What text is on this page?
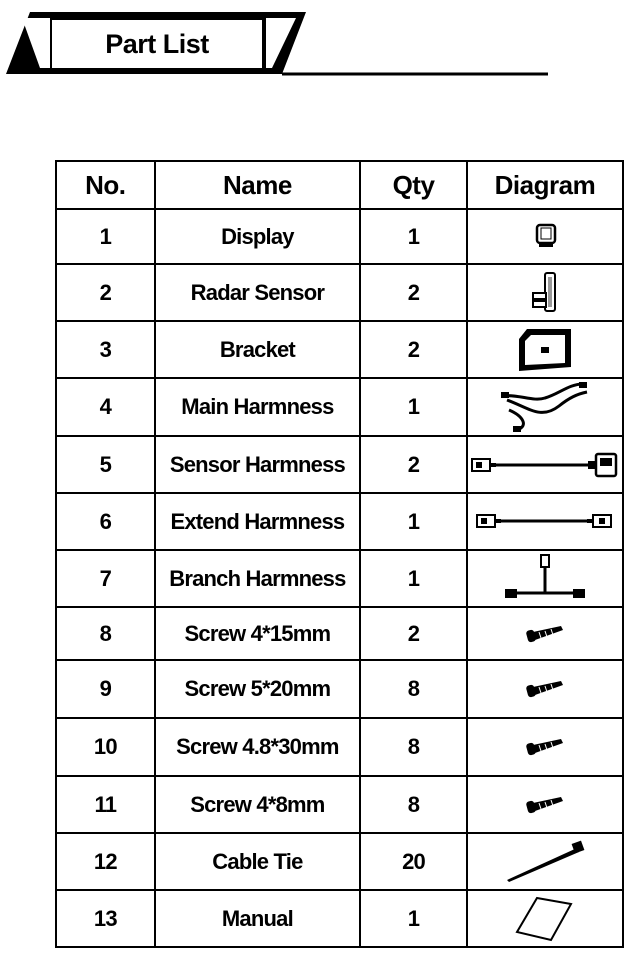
Part List
No.	Name	Qty	Diagram
1	Display	1	

2	Radar Sensor	2	

3	Bracket	2	

4	Main Harmness	1	

5	Sensor Harmness	2	

6	Extend Harmness	1	

7	Branch Harmness	1	

8	Screw 4*15mm	2	

9	Screw 5*20mm	8	

10	Screw 4.8*30mm	8	

11	Screw 4*8mm	8	

12	Cable Tie	20	

13	Manual	1	
